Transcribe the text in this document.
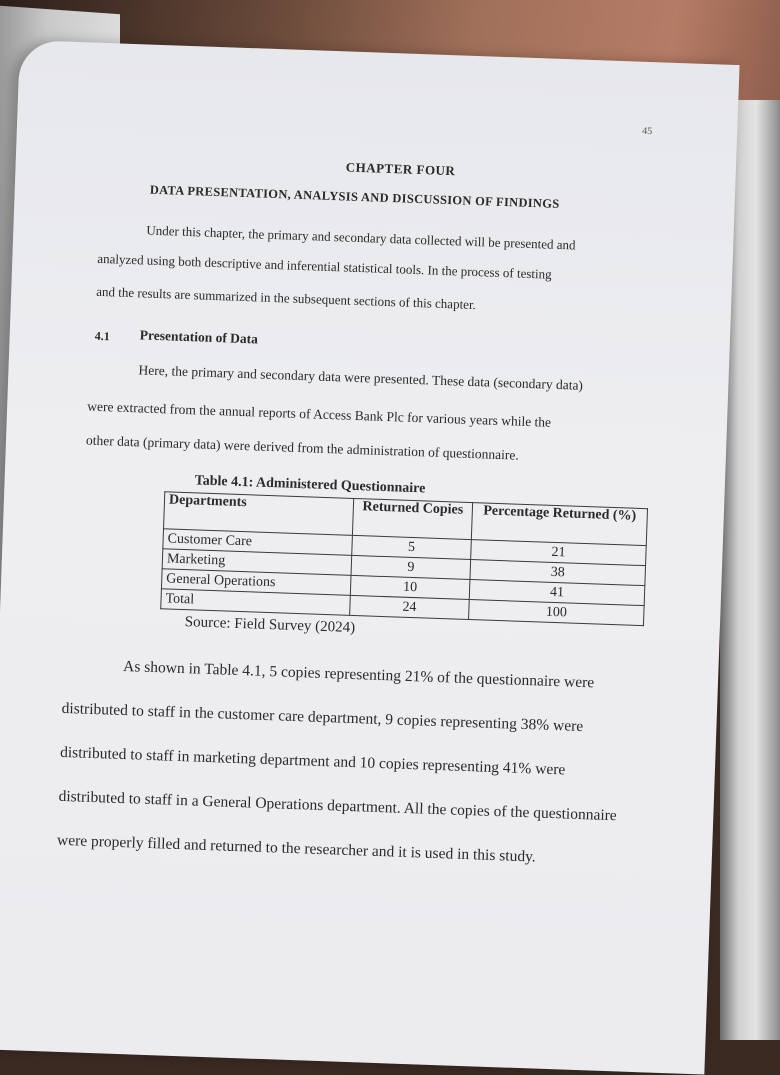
45
CHAPTER FOUR
DATA PRESENTATION, ANALYSIS AND DISCUSSION OF FINDINGS
Under this chapter, the primary and secondary data collected will be presented and
analyzed using both descriptive and inferential statistical tools. In the process of testing
and the results are summarized in the subsequent sections of this chapter.
4.1 Presentation of Data
Here, the primary and secondary data were presented. These data (secondary data)
were extracted from the annual reports of Access Bank Plc for various years while the
other data (primary data) were derived from the administration of questionnaire.
Table 4.1: Administered Questionnaire
Departments	Returned Copies	Percentage Returned (%)
Customer Care	5	21
Marketing	9	38
General Operations	10	41
Total	24	100
Source: Field Survey (2024)
As shown in Table 4.1, 5 copies representing 21% of the questionnaire were
distributed to staff in the customer care department, 9 copies representing 38% were
distributed to staff in marketing department and 10 copies representing 41% were
distributed to staff in a General Operations department. All the copies of the questionnaire
were properly filled and returned to the researcher and it is used in this study.
